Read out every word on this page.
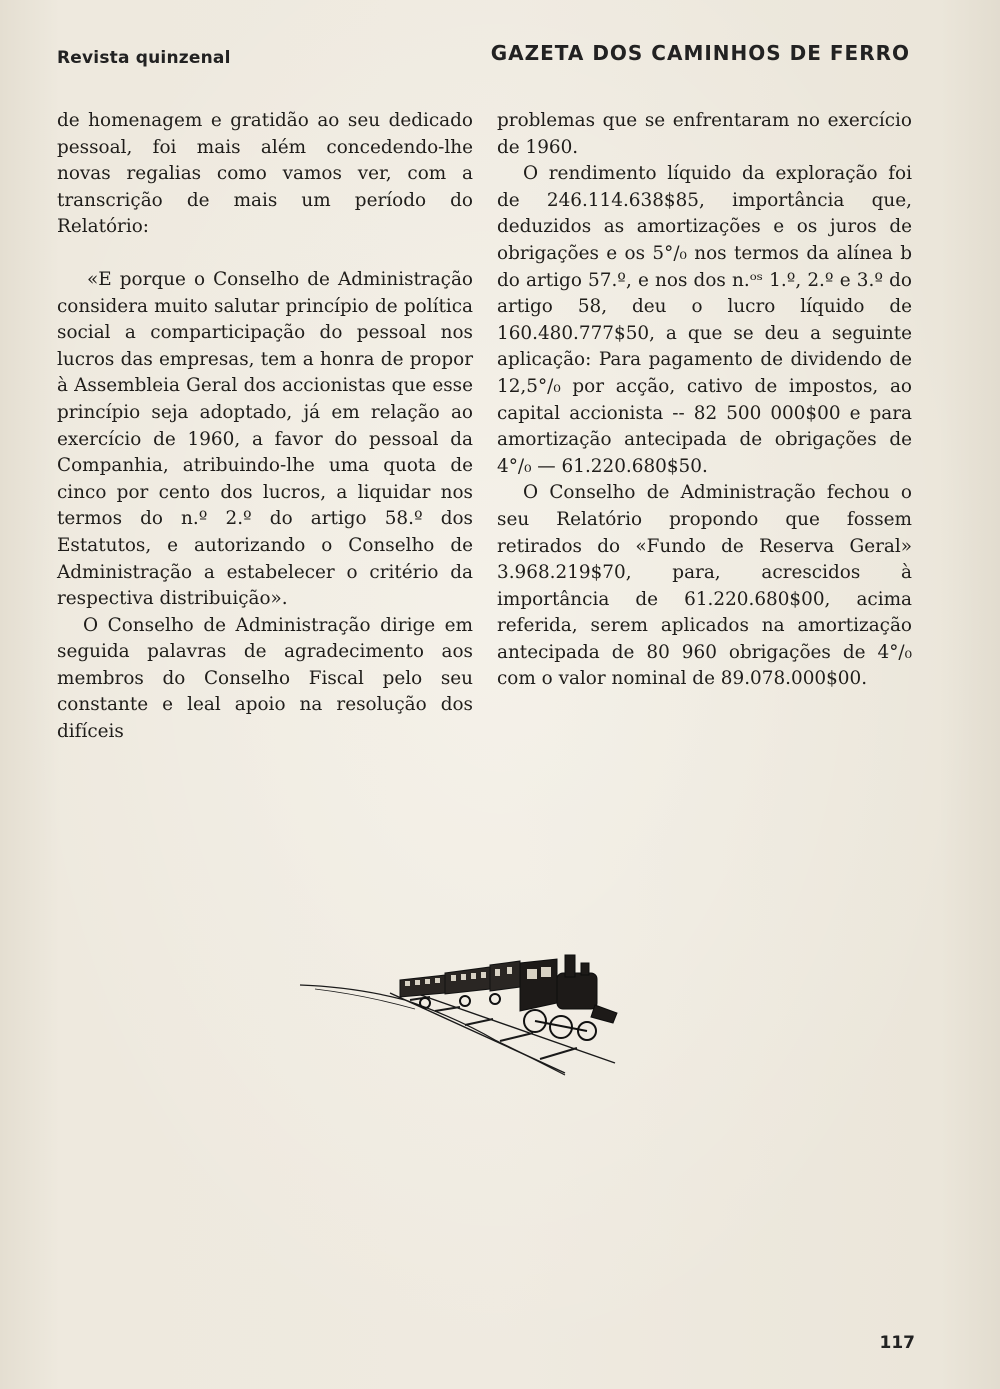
Revista quinzenal	GAZETA DOS CAMINHOS DE FERRO

de homenagem e gratidão ao seu dedicado pessoal, foi mais além concedendo-lhe novas regalias como vamos ver, com a transcrição de mais um período do Relatório:

«E porque o Conselho de Administração considera muito salutar princípio de política social a comparticipação do pessoal nos lucros das empresas, tem a honra de propor à Assembleia Geral dos accionistas que esse princípio seja adoptado, já em relação ao exercício de 1960, a favor do pessoal da Companhia, atribuindo-lhe uma quota de cinco por cento dos lucros, a liquidar nos termos do n.º 2.º do artigo 58.º dos Estatutos, e autorizando o Conselho de Administração a estabelecer o critério da respectiva distribuição».

O Conselho de Administração dirige em seguida palavras de agradecimento aos membros do Conselho Fiscal pelo seu constante e leal apoio na resolução dos difíceis

problemas que se enfrentaram no exercício de 1960.

O rendimento líquido da exploração foi de 246.114.638$85, importância que, deduzidos as amortizações e os juros de obrigações e os 5°/₀ nos termos da alínea b do artigo 57.º, e nos dos n.ᵒˢ 1.º, 2.º e 3.º do artigo 58, deu o lucro líquido de 160.480.777$50, a que se deu a seguinte aplicação: Para pagamento de dividendo de 12,5°/₀ por acção, cativo de impostos, ao capital accionista -- 82 500 000$00 e para amortização antecipada de obrigações de 4°/₀ — 61.220.680$50.

O Conselho de Administração fechou o seu Relatório propondo que fossem retirados do «Fundo de Reserva Geral» 3.968.219$70, para, acrescidos à importância de 61.220.680$00, acima referida, serem aplicados na amortização antecipada de 80 960 obrigações de 4°/₀ com o valor nominal de 89.078.000$00.

117
